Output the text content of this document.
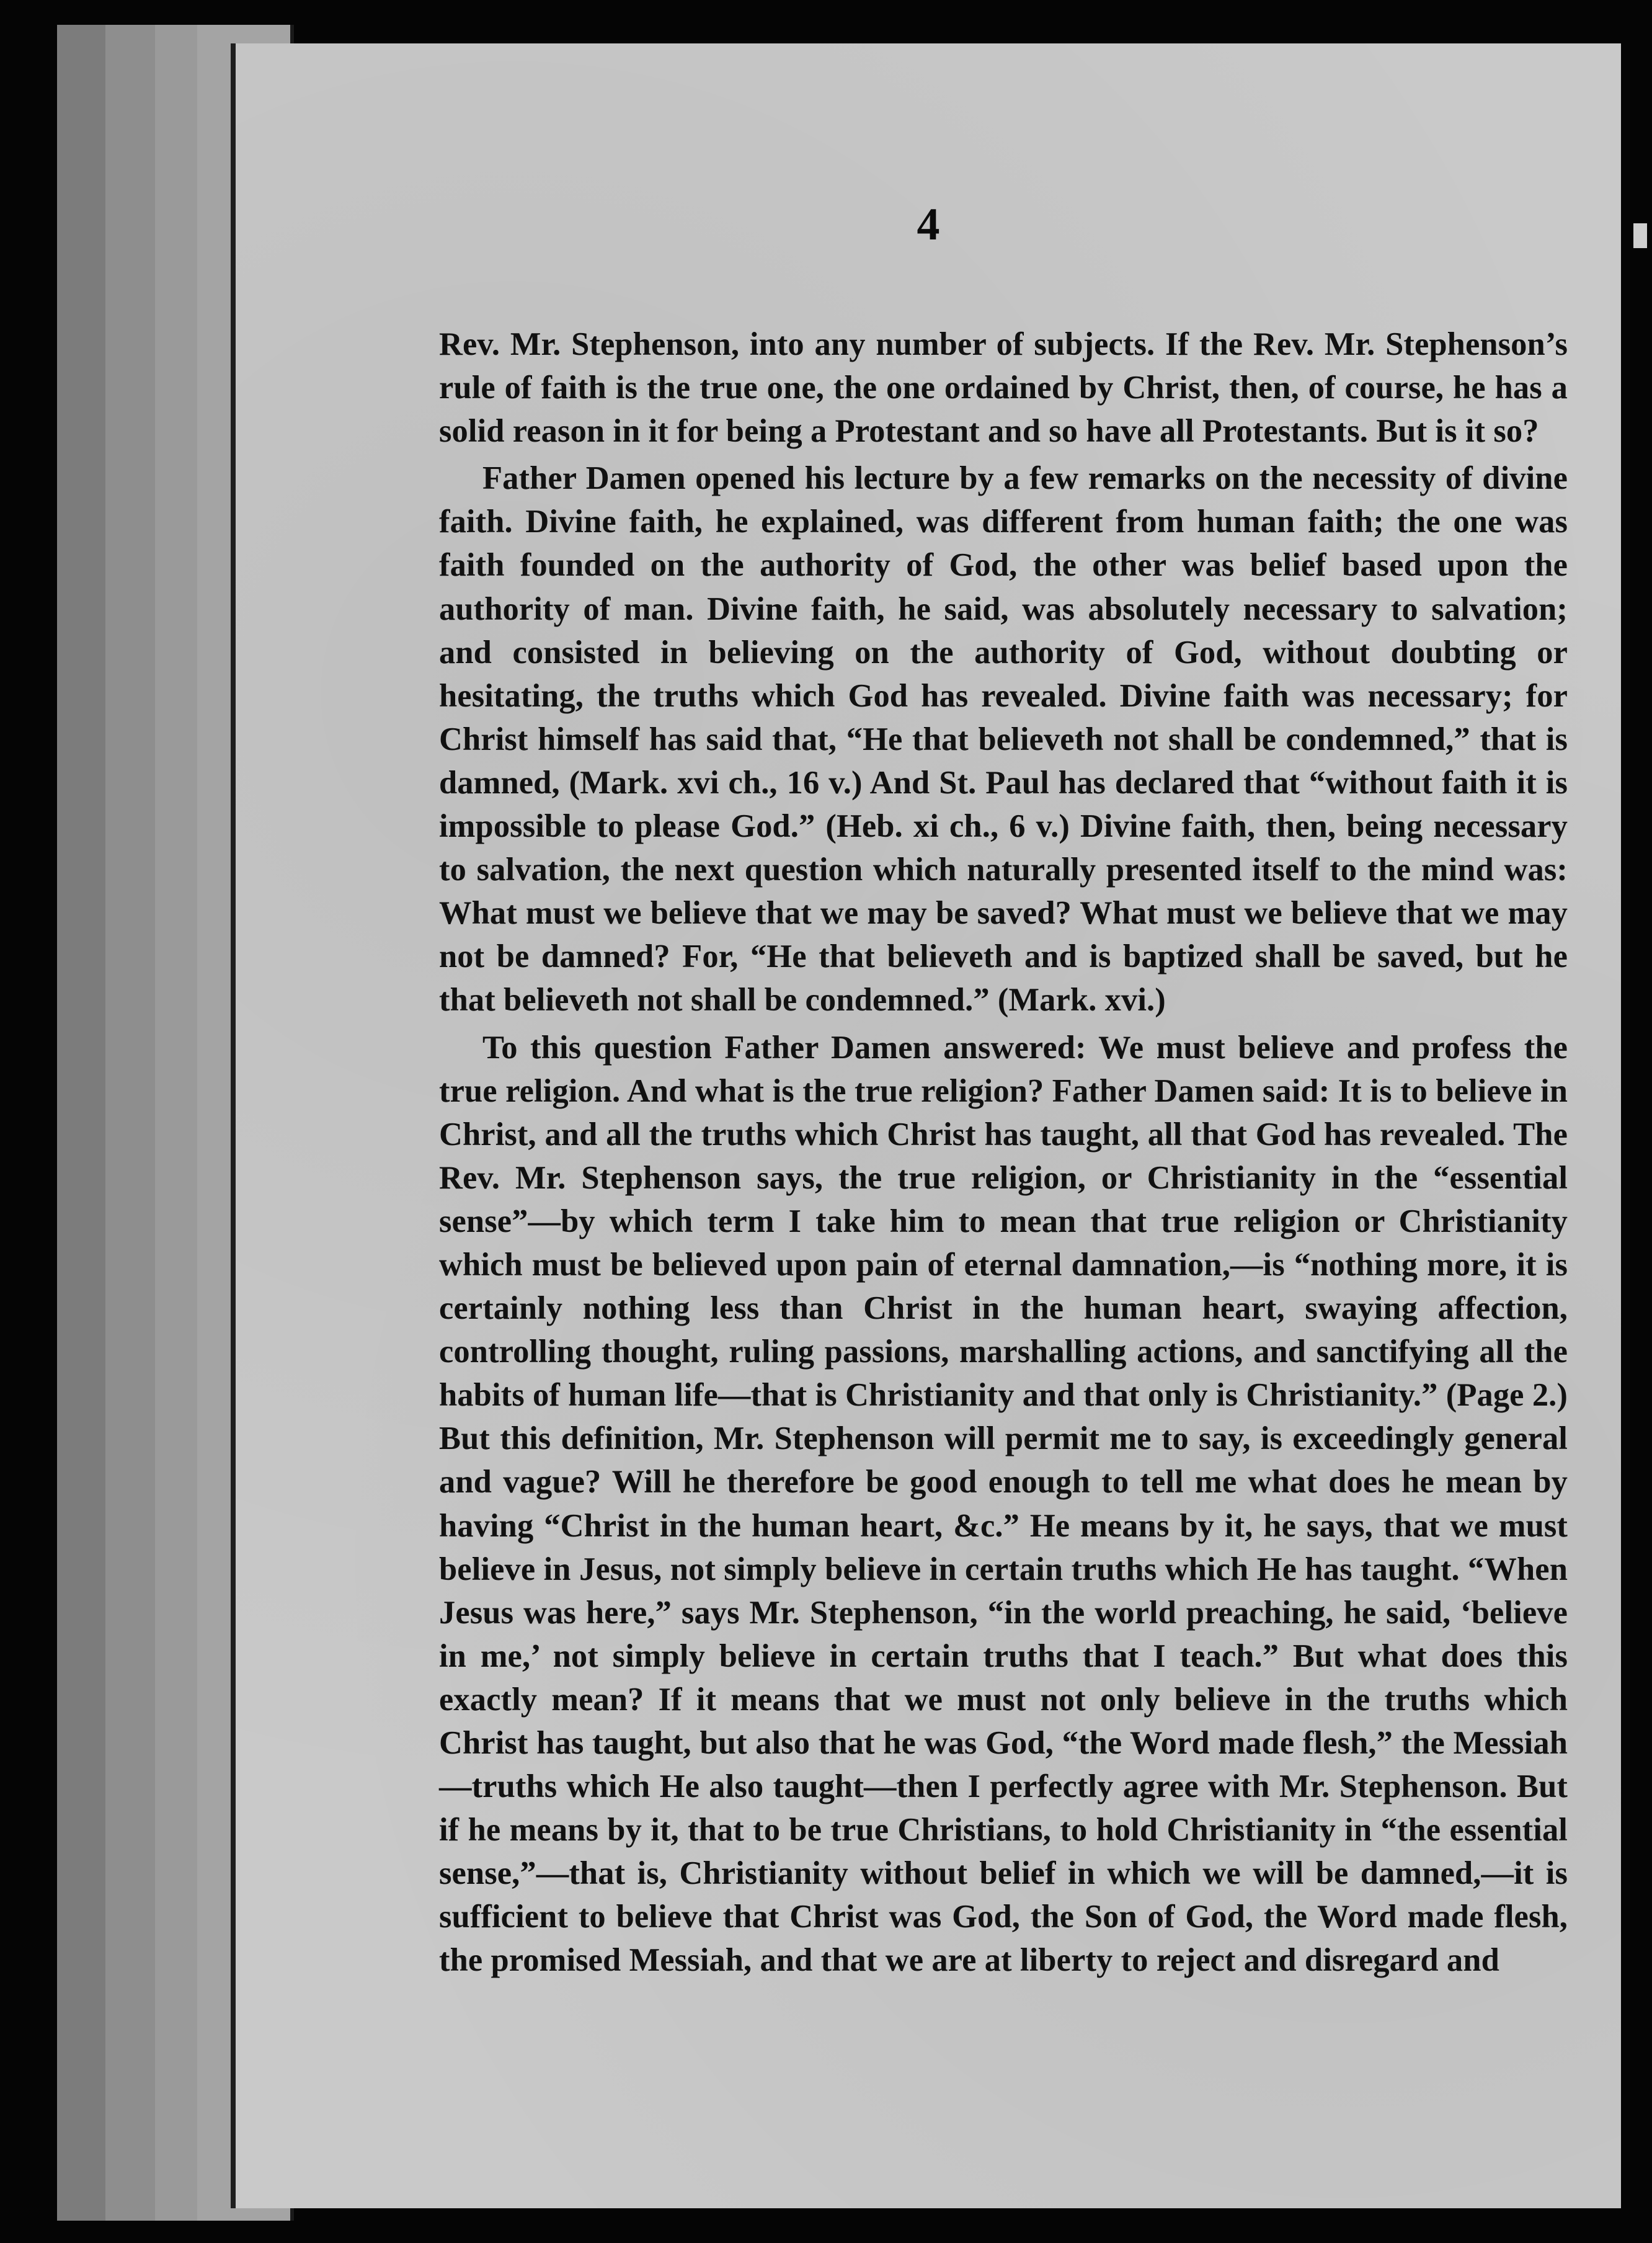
4

Rev. Mr. Stephenson, into any number of subjects. If the Rev. Mr. Stephenson’s rule of faith is the true one, the one ordained by Christ, then, of course, he has a solid reason in it for being a Protestant and so have all Protestants. But is it so?

Father Damen opened his lecture by a few remarks on the necessity of divine faith. Divine faith, he explained, was different from human faith; the one was faith founded on the authority of God, the other was belief based upon the authority of man. Divine faith, he said, was absolutely necessary to salvation; and consisted in believing on the authority of God, without doubting or hesitating, the truths which God has revealed. Divine faith was necessary; for Christ himself has said that, “He that believeth not shall be condemned,” that is damned, (Mark. xvi ch., 16 v.) And St. Paul has declared that “without faith it is impossible to please God.” (Heb. xi ch., 6 v.) Divine faith, then, being necessary to salvation, the next question which naturally presented itself to the mind was: What must we believe that we may be saved? What must we believe that we may not be damned? For, “He that believeth and is baptized shall be saved, but he that believeth not shall be condemned.” (Mark. xvi.)

To this question Father Damen answered: We must believe and profess the true religion. And what is the true religion? Father Damen said: It is to believe in Christ, and all the truths which Christ has taught, all that God has revealed. The Rev. Mr. Stephenson says, the true religion, or Christianity in the “essential sense”—by which term I take him to mean that true religion or Christianity which must be believed upon pain of eternal damnation,—is “nothing more, it is certainly nothing less than Christ in the human heart, swaying affection, controlling thought, ruling passions, marshalling actions, and sanctifying all the habits of human life—that is Christianity and that only is Christianity.” (Page 2.) But this definition, Mr. Stephenson will permit me to say, is exceedingly general and vague? Will he therefore be good enough to tell me what does he mean by having “Christ in the human heart, &c.” He means by it, he says, that we must believe in Jesus, not simply believe in certain truths which He has taught. “When Jesus was here,” says Mr. Stephenson, “in the world preaching, he said, ‘believe in me,’ not simply believe in certain truths that I teach.” But what does this exactly mean? If it means that we must not only believe in the truths which Christ has taught, but also that he was God, “the Word made flesh,” the Messiah—truths which He also taught—then I perfectly agree with Mr. Stephenson. But if he means by it, that to be true Christians, to hold Christianity in “the essential sense,”—that is, Christianity without belief in which we will be damned,—it is sufficient to believe that Christ was God, the Son of God, the Word made flesh, the promised Messiah, and that we are at liberty to reject and disregard and
